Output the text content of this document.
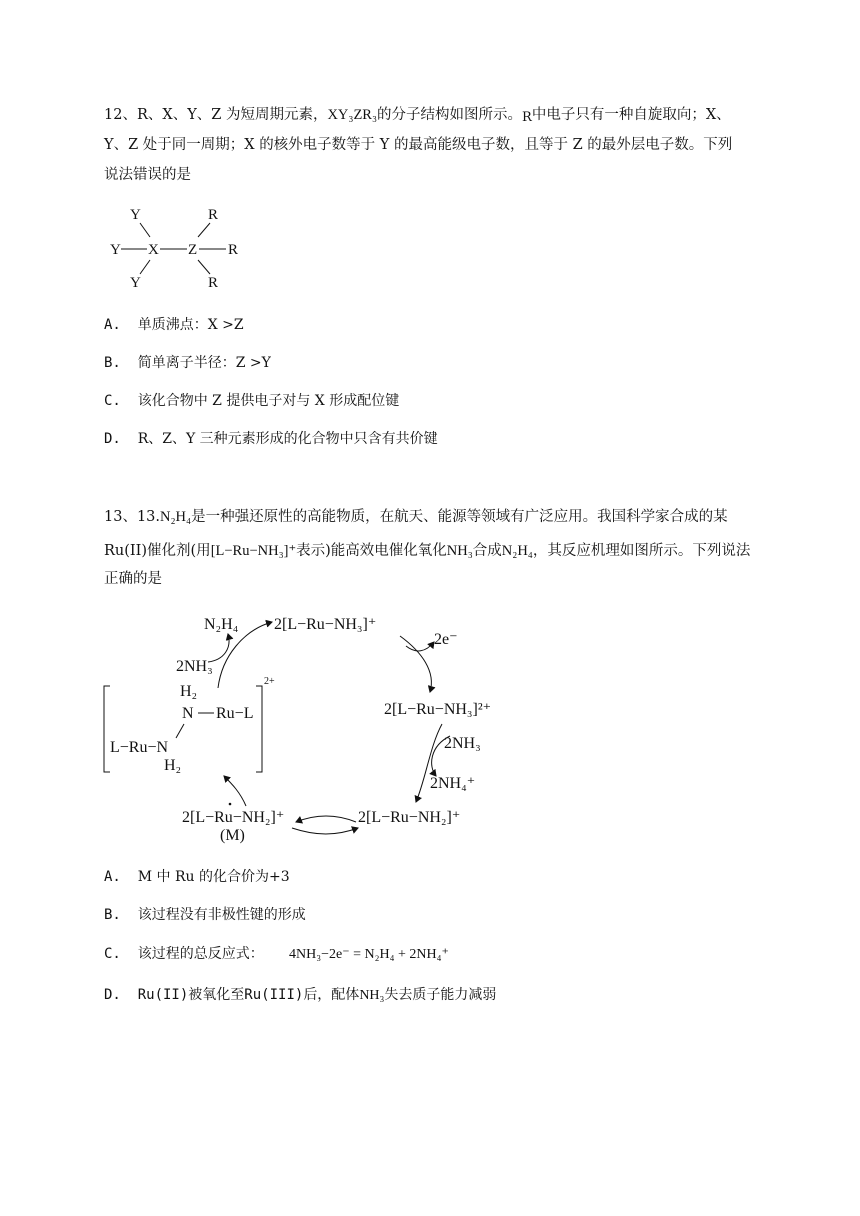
12、R、X、Y、Z 为短周期元素，XY₃ZR₃的分子结构如图所示。R中电子只有一种自旋取向；X、
Y、Z 处于同一周期；X 的核外电子数等于 Y 的最高能级电子数，且等于 Z 的最外层电子数。下列
说法错误的是
Y
Y X Z
Y
R
R
R
A. 单质沸点：X >Z
B. 简单离子半径：Z >Y
C. 该化合物中 Z 提供电子对与 X 形成配位键
D. R、Z、Y 三种元素形成的化合物中只含有共价键
13、13.N₂H₄是一种强还原性的高能物质，在航天、能源等领域有广泛应用。我国科学家合成的某
Ru(II)催化剂(用[L−Ru−NH₃]⁺表示)能高效电催化氧化NH₃合成N₂H₄，其反应机理如图所示。下列说法
正确的是
2[L−Ru−NH₃]⁺
N₂H₄
2NH₃
2e⁻
2[L−Ru−NH₃]²⁺
2NH₃
2NH₄⁺
2[L−Ru−NH₂]⁺
2[L−Ru−NH₂]⁺
(M)
H₂
N Ru−L
L−Ru−N
H₂
2+
A. M 中 Ru 的化合价为+3
B. 该过程没有非极性键的形成
C. 该过程的总反应式： 4NH₃−2e⁻ = N₂H₄ + 2NH₄⁺
D. Ru(II)被氧化至Ru(III)后，配体NH₃失去质子能力减弱
